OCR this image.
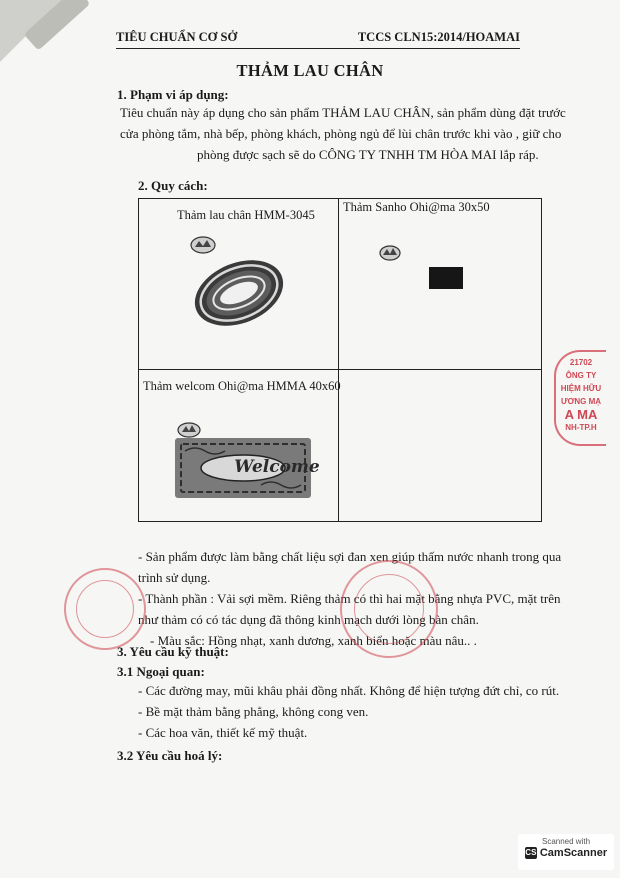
TIÊU CHUẨN CƠ SỞ	TCCS CLN15:2014/HOAMAI
THẢM LAU CHÂN
1. Phạm vi áp dụng:
Tiêu chuẩn này áp dụng cho sản phẩm THẢM LAU CHÂN, sản phẩm dùng đặt trước
cửa phòng tắm, nhà bếp, phòng khách, phòng ngủ để lùi chân trước khi vào , giữ cho
phòng được sạch sẽ do CÔNG TY TNHH TM HÒA MAI lắp ráp.
2. Quy cách:
Thảm lau chân HMM-3045
Thảm Sanho Ohi@ma 30x50
Thảm welcom Ohi@ma HMMA 40x60
Welcome
- Sản phẩm được làm bằng chất liệu sợi đan xen giúp thấm nước nhanh trong qua
trình sử dụng.
- Thành phần : Vải sợi mềm. Riêng thảm có thì hai mặt bằng nhựa PVC, mặt trên
như thảm có có tác dụng đã thông kinh mạch dưới lòng bàn chân.
- Màu sắc: Hồng nhạt, xanh dương, xanh biển hoặc màu nâu.. .
3. Yêu cầu kỹ thuật:
3.1 Ngoại quan:
- Các đường may, mũi khâu phải đồng nhất. Không để hiện tượng đứt chỉ, co rút.
- Bề mặt thảm bằng phẳng, không cong ven.
- Các hoa văn, thiết kế mỹ thuật.
3.2 Yêu cầu hoá lý:
21702
ÔNG TY
HIỆM HỮU
ƯƠNG MẠ
A MA
NH-TP.H
Scanned with
CS CamScanner
